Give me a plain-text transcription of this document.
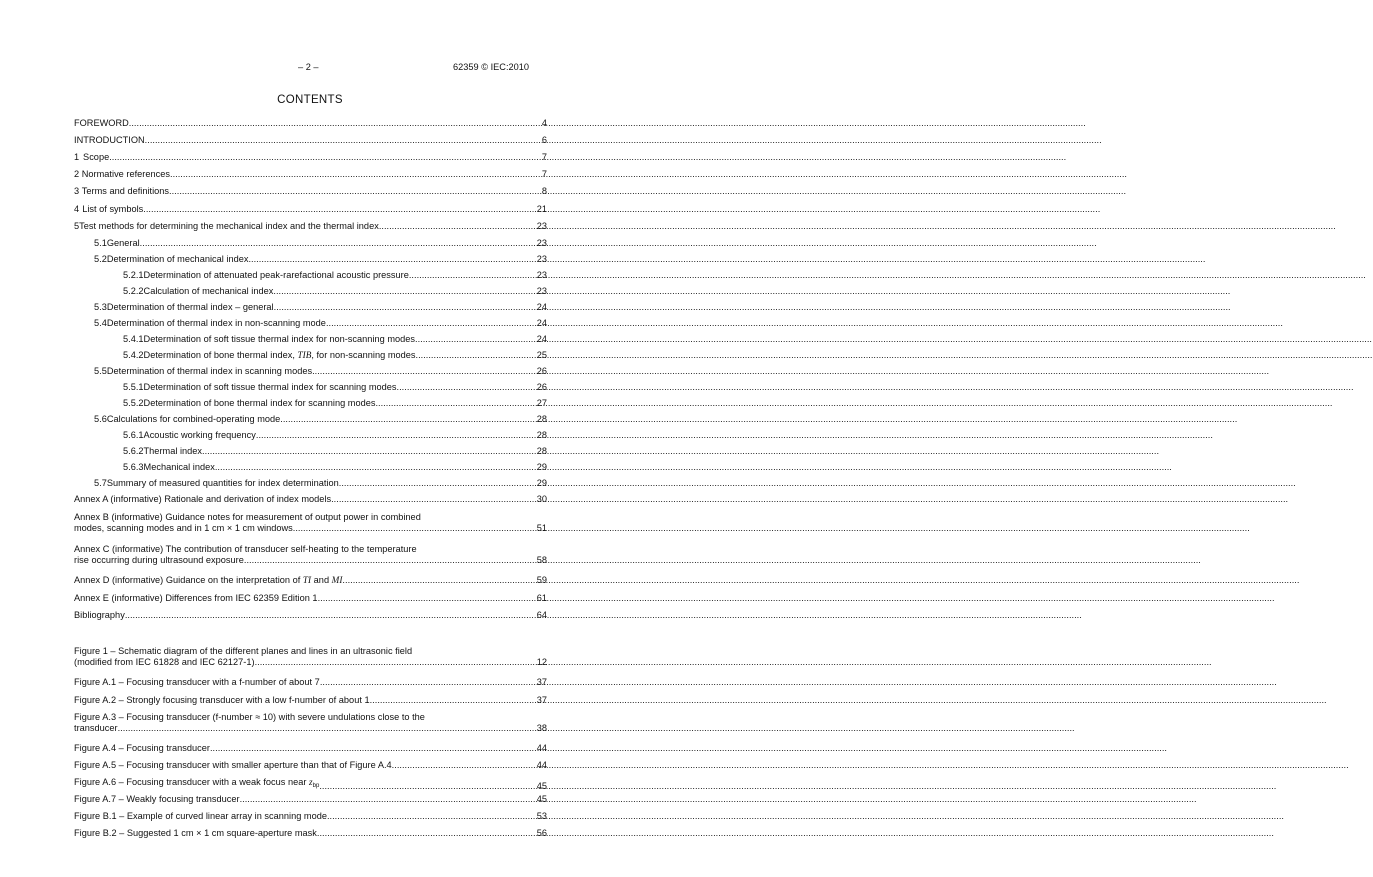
– 2 –	62359 © IEC:2010
CONTENTS
FOREWORD .....	4
INTRODUCTION .....	6
1 Scope .....	7
2 Normative references .....	7
3 Terms and definitions .....	8
4 List of symbols .....	21
5 Test methods for determining the mechanical index and the thermal index .....	23
5.1 General .....	23
5.2 Determination of mechanical index .....	23
5.2.1 Determination of attenuated peak-rarefactional acoustic pressure .....	23
5.2.2 Calculation of mechanical index .....	23
5.3 Determination of thermal index – general .....	24
5.4 Determination of thermal index in non-scanning mode .....	24
5.4.1 Determination of soft tissue thermal index for non-scanning modes .....	24
5.4.2 Determination of bone thermal index, TIB, for non-scanning modes .....	25
5.5 Determination of thermal index in scanning modes .....	26
5.5.1 Determination of soft tissue thermal index for scanning modes .....	26
5.5.2 Determination of bone thermal index for scanning modes .....	27
5.6 Calculations for combined-operating mode .....	28
5.6.1 Acoustic working frequency .....	28
5.6.2 Thermal index .....	28
5.6.3 Mechanical index .....	29
5.7 Summary of measured quantities for index determination .....	29
Annex A (informative) Rationale and derivation of index models .....	30
Annex B (informative) Guidance notes for measurement of output power in combined
modes, scanning modes and in 1 cm × 1 cm windows .....	51
Annex C (informative) The contribution of transducer self-heating to the temperature
rise occurring during ultrasound exposure .....	58
Annex D (informative) Guidance on the interpretation of TI and MI .....	59
Annex E (informative) Differences from IEC 62359 Edition 1 .....	61
Bibliography .....	64
Figure 1 – Schematic diagram of the different planes and lines in an ultrasonic field
(modified from IEC 61828 and IEC 62127-1) .....	12
Figure A.1 – Focusing transducer with a f-number of about 7 .....	37
Figure A.2 – Strongly focusing transducer with a low f-number of about 1 .....	37
Figure A.3 – Focusing transducer (f-number ≈ 10) with severe undulations close to the
transducer .....	38
Figure A.4 – Focusing transducer .....	44
Figure A.5 – Focusing transducer with smaller aperture than that of Figure A.4 .....	44
Figure A.6 – Focusing transducer with a weak focus near $z_{bp}$ .....	45
Figure A.7 – Weakly focusing transducer .....	45
Figure B.1 – Example of curved linear array in scanning mode .....	53
Figure B.2 – Suggested 1 cm × 1 cm square-aperture mask .....	56
